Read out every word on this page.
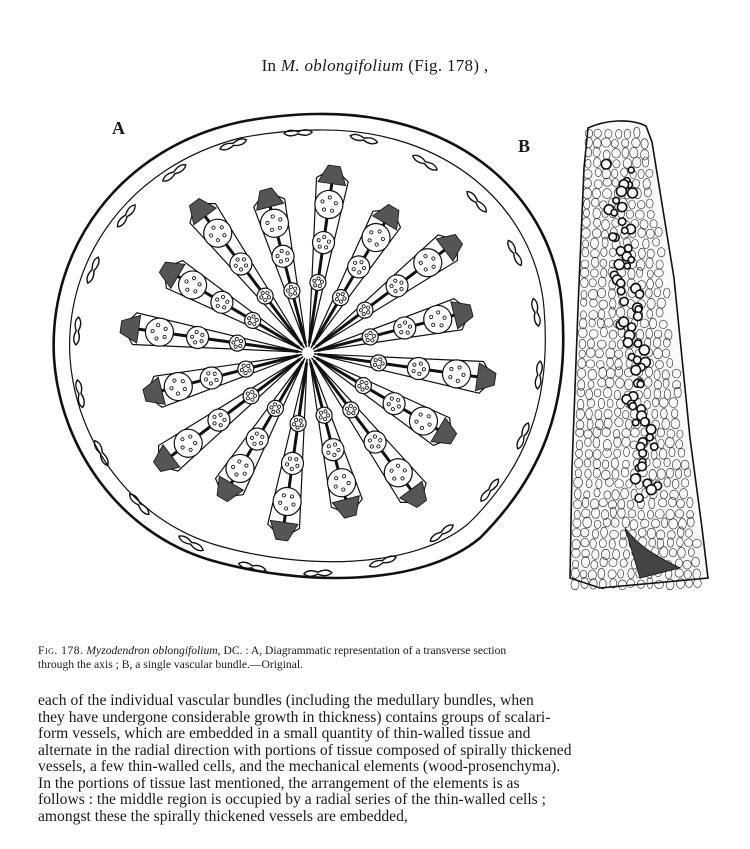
In M. oblongifolium (Fig. 178) ,
A
B
Fig. 178. Myzodendron oblongifolium, DC. : A, Diagrammatic representation of a transverse section
through the axis ; B, a single vascular bundle.—Original.

each of the individual vascular bundles (including the medullary bundles, when
they have undergone considerable growth in thickness) contains groups of scalari-
form vessels, which are embedded in a small quantity of thin-walled tissue and
alternate in the radial direction with portions of tissue composed of spirally thickened
vessels, a few thin-walled cells, and the mechanical elements (wood-prosenchyma).
In the portions of tissue last mentioned, the arrangement of the elements is as
follows : the middle region is occupied by a radial series of the thin-walled cells ;
amongst these the spirally thickened vessels are embedded,
